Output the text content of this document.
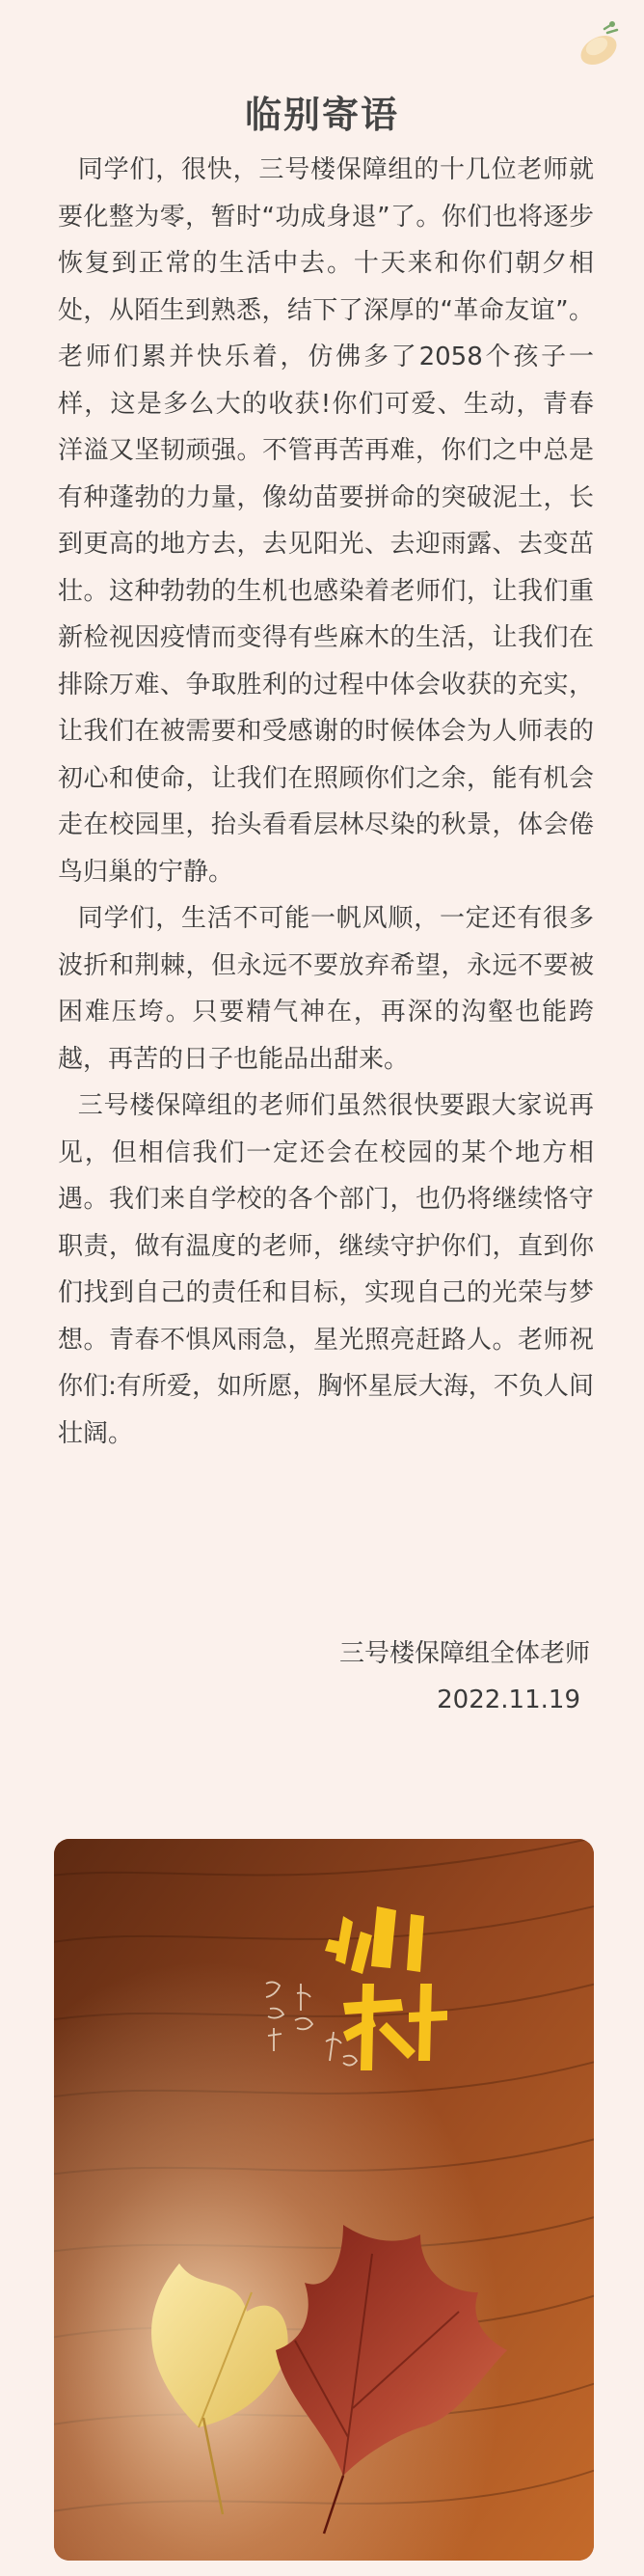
临别寄语

同学们，很快，三号楼保障组的十几位老师就要化整为零，暂时“功成身退”了。你们也将逐步恢复到正常的生活中去。十天来和你们朝夕相处，从陌生到熟悉，结下了深厚的“革命友谊”。老师们累并快乐着，仿佛多了2058个孩子一样，这是多么大的收获!你们可爱、生动，青春洋溢又坚韧顽强。不管再苦再难，你们之中总是有种蓬勃的力量，像幼苗要拼命的突破泥土，长到更高的地方去，去见阳光、去迎雨露、去变茁壮。这种勃勃的生机也感染着老师们，让我们重新检视因疫情而变得有些麻木的生活，让我们在排除万难、争取胜利的过程中体会收获的充实，让我们在被需要和受感谢的时候体会为人师表的初心和使命，让我们在照顾你们之余，能有机会走在校园里，抬头看看层林尽染的秋景，体会倦鸟归巢的宁静。

同学们，生活不可能一帆风顺，一定还有很多波折和荆棘，但永远不要放弃希望，永远不要被困难压垮。只要精气神在，再深的沟壑也能跨越，再苦的日子也能品出甜来。

三号楼保障组的老师们虽然很快要跟大家说再见，但相信我们一定还会在校园的某个地方相遇。我们来自学校的各个部门，也仍将继续恪守职责，做有温度的老师，继续守护你们，直到你们找到自己的责任和目标，实现自己的光荣与梦想。青春不惧风雨急，星光照亮赶路人。老师祝你们:有所爱，如所愿，胸怀星辰大海，不负人间壮阔。

三号楼保障组全体老师
2022.11.19
